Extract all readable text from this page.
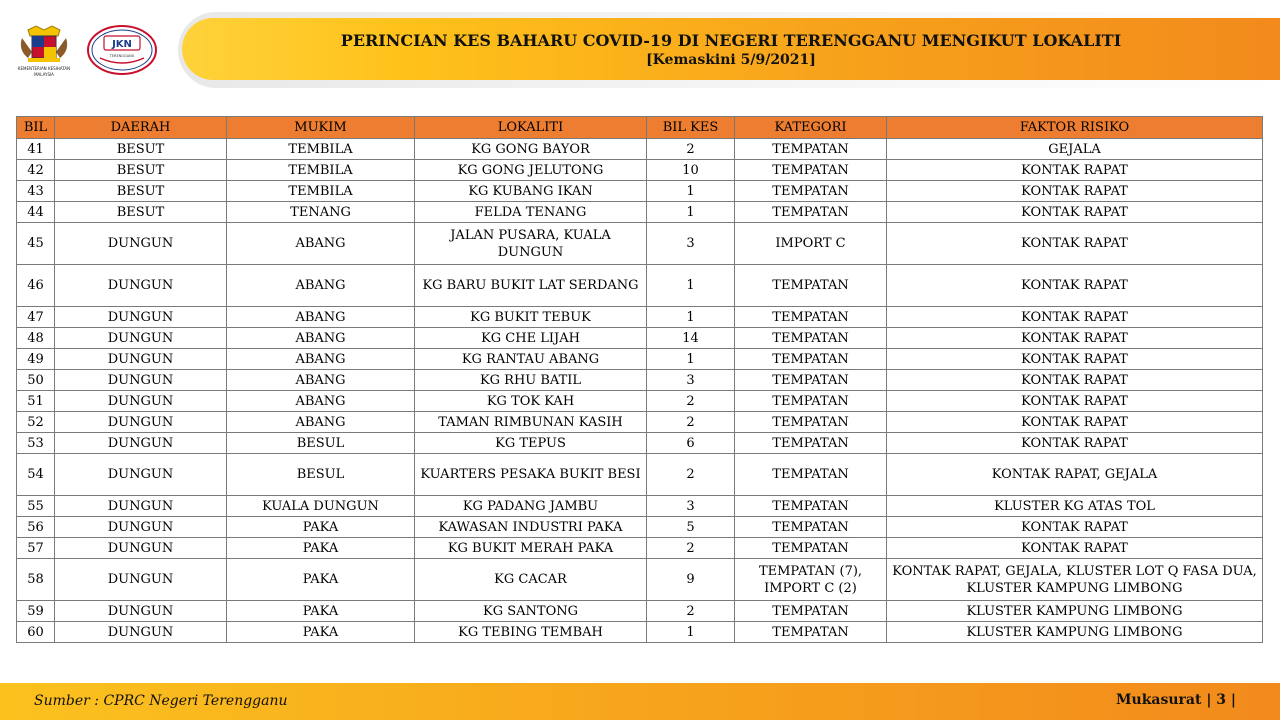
KEMENTERIAN KESIHATAN
MALAYSIA
JKN
TERENGGANU
PERINCIAN KES BAHARU COVID-19 DI NEGERI TERENGGANU MENGIKUT LOKALITI
[Kemaskini 5/9/2021]
BIL	DAERAH	MUKIM	LOKALITI	BIL KES	KATEGORI	FAKTOR RISIKO
41	BESUT	TEMBILA	KG GONG BAYOR	2	TEMPATAN	GEJALA
42	BESUT	TEMBILA	KG GONG JELUTONG	10	TEMPATAN	KONTAK RAPAT
43	BESUT	TEMBILA	KG KUBANG IKAN	1	TEMPATAN	KONTAK RAPAT
44	BESUT	TENANG	FELDA TENANG	1	TEMPATAN	KONTAK RAPAT
45	DUNGUN	ABANG	JALAN PUSARA, KUALA DUNGUN	3	IMPORT C	KONTAK RAPAT
46	DUNGUN	ABANG	KG BARU BUKIT LAT SERDANG	1	TEMPATAN	KONTAK RAPAT
47	DUNGUN	ABANG	KG BUKIT TEBUK	1	TEMPATAN	KONTAK RAPAT
48	DUNGUN	ABANG	KG CHE LIJAH	14	TEMPATAN	KONTAK RAPAT
49	DUNGUN	ABANG	KG RANTAU ABANG	1	TEMPATAN	KONTAK RAPAT
50	DUNGUN	ABANG	KG RHU BATIL	3	TEMPATAN	KONTAK RAPAT
51	DUNGUN	ABANG	KG TOK KAH	2	TEMPATAN	KONTAK RAPAT
52	DUNGUN	ABANG	TAMAN RIMBUNAN KASIH	2	TEMPATAN	KONTAK RAPAT
53	DUNGUN	BESUL	KG TEPUS	6	TEMPATAN	KONTAK RAPAT
54	DUNGUN	BESUL	KUARTERS PESAKA BUKIT BESI	2	TEMPATAN	KONTAK RAPAT, GEJALA
55	DUNGUN	KUALA DUNGUN	KG PADANG JAMBU	3	TEMPATAN	KLUSTER KG ATAS TOL
56	DUNGUN	PAKA	KAWASAN INDUSTRI PAKA	5	TEMPATAN	KONTAK RAPAT
57	DUNGUN	PAKA	KG BUKIT MERAH PAKA	2	TEMPATAN	KONTAK RAPAT
58	DUNGUN	PAKA	KG CACAR	9	TEMPATAN (7), IMPORT C (2)	KONTAK RAPAT, GEJALA, KLUSTER LOT Q FASA DUA, KLUSTER KAMPUNG LIMBONG
59	DUNGUN	PAKA	KG SANTONG	2	TEMPATAN	KLUSTER KAMPUNG LIMBONG
60	DUNGUN	PAKA	KG TEBING TEMBAH	1	TEMPATAN	KLUSTER KAMPUNG LIMBONG
Sumber : CPRC Negeri Terengganu	Mukasurat | 3 |
